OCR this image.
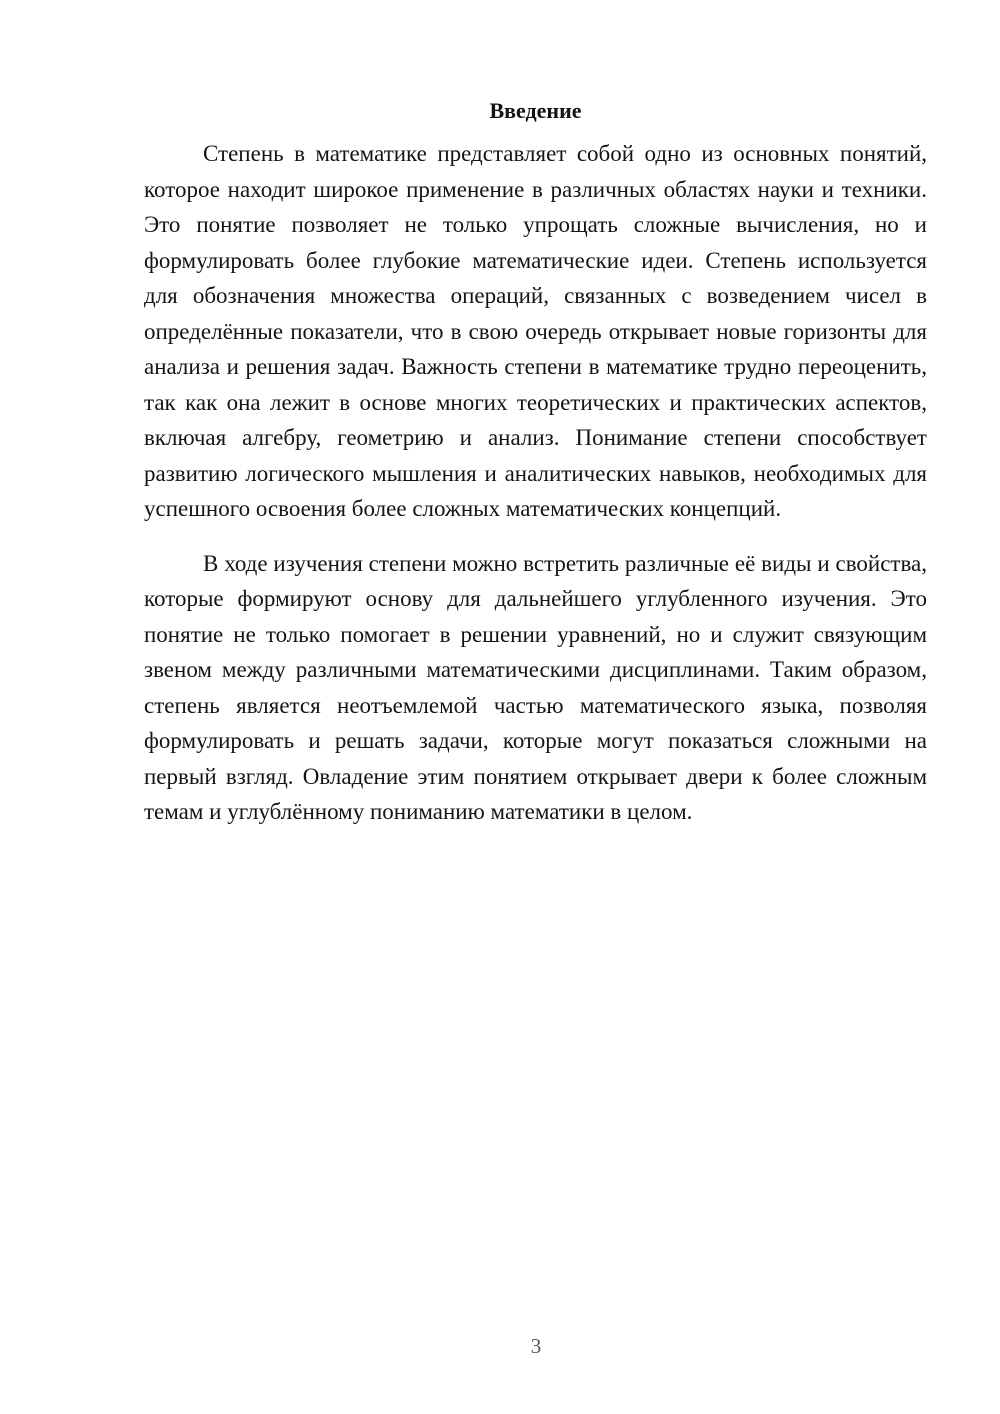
Введение

Степень в математике представляет собой одно из основных понятий, которое находит широкое применение в различных областях науки и техники. Это понятие позволяет не только упрощать сложные вычисления, но и формулировать более глубокие математические идеи. Степень используется для обозначения множества операций, связанных с возведением чисел в определённые показатели, что в свою очередь открывает новые горизонты для анализа и решения задач. Важность степени в математике трудно переоценить, так как она лежит в основе многих теоретических и практических аспектов, включая алгебру, геометрию и анализ. Понимание степени способствует развитию логического мышления и аналитических навыков, необходимых для успешного освоения более сложных математических концепций.

В ходе изучения степени можно встретить различные её виды и свойства, которые формируют основу для дальнейшего углубленного изучения. Это понятие не только помогает в решении уравнений, но и служит связующим звеном между различными математическими дисциплинами. Таким образом, степень является неотъемлемой частью математического языка, позволяя формулировать и решать задачи, которые могут показаться сложными на первый взгляд. Овладение этим понятием открывает двери к более сложным темам и углублённому пониманию математики в целом.

3
